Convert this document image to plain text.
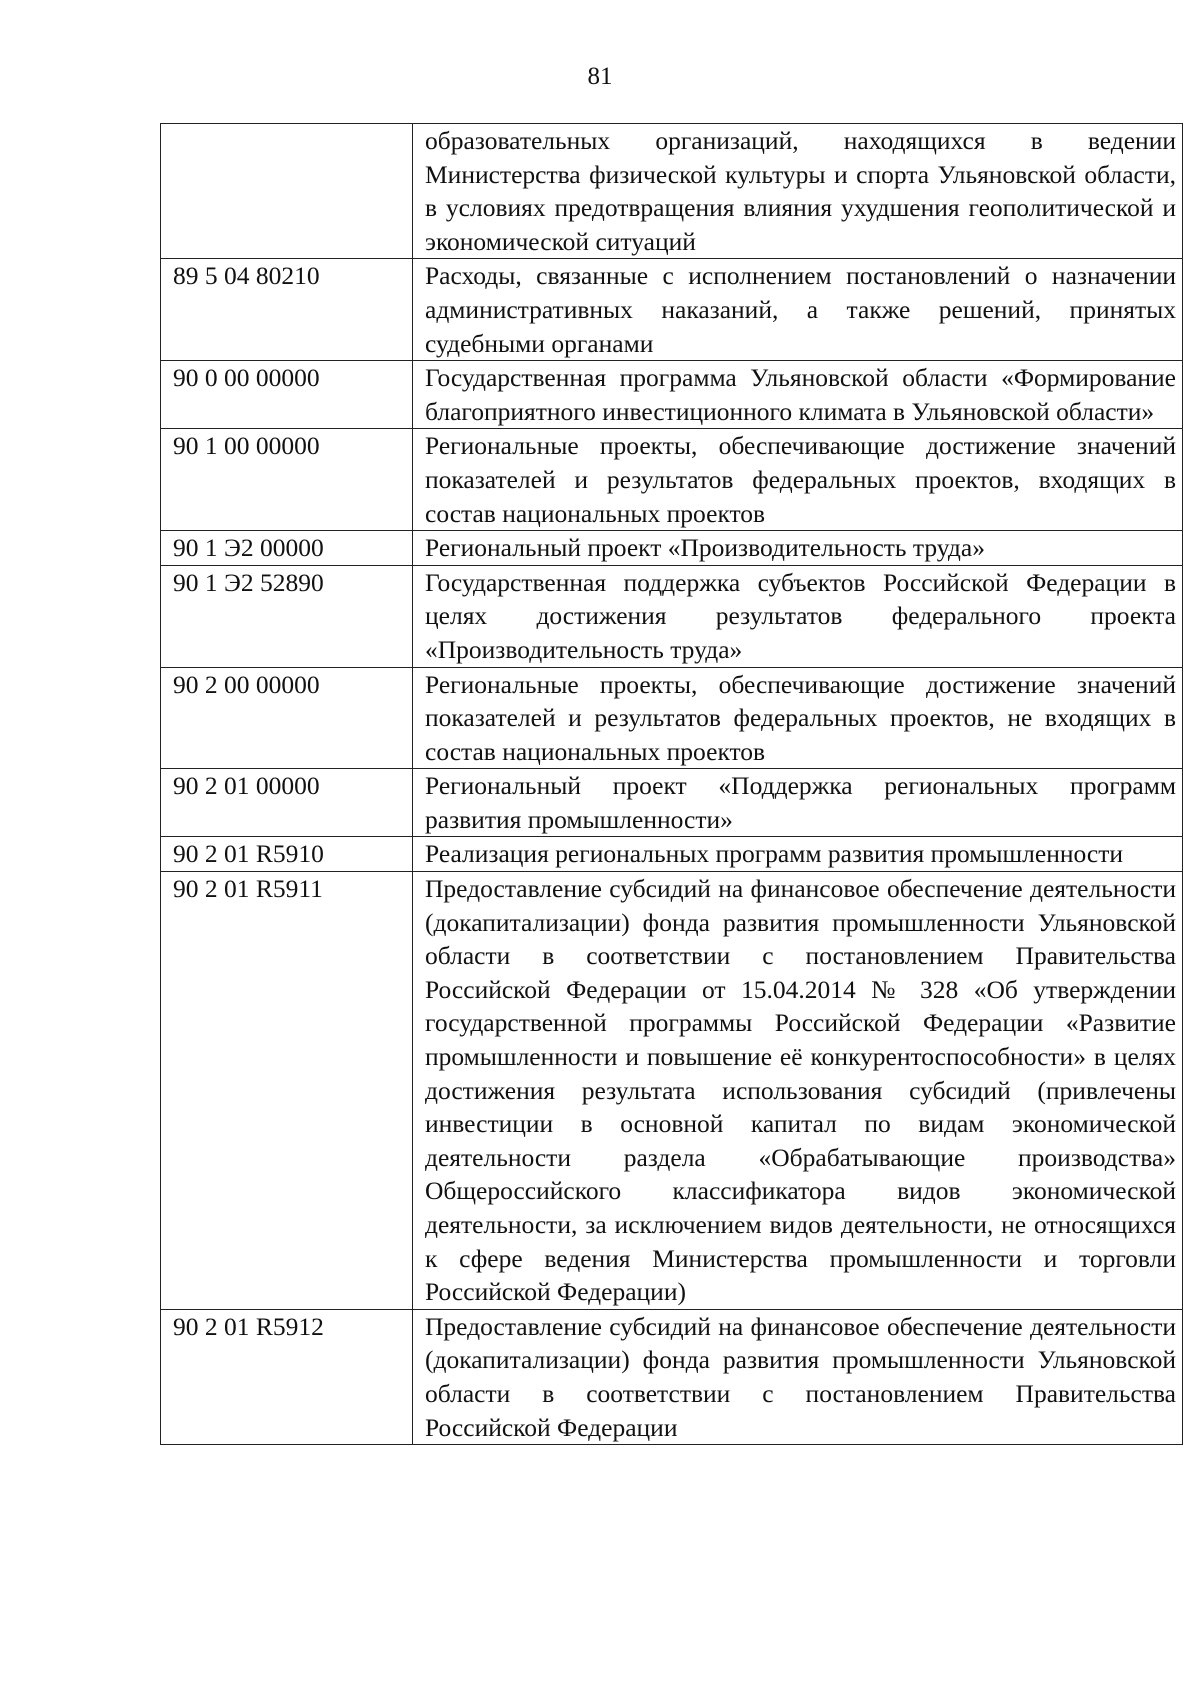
81
	образовательных организаций, находящихся в ведении Министерства физической культуры и спорта Ульяновской области, в условиях предотвращения влияния ухудшения геополитической и экономической ситуаций
89 5 04 80210	Расходы, связанные с исполнением постановлений о назначении административных наказаний, а также решений, принятых судебными органами
90 0 00 00000	Государственная программа Ульяновской области «Формирование благоприятного инвестиционного климата в Ульяновской области»
90 1 00 00000	Региональные проекты, обеспечивающие достижение значений показателей и результатов федеральных проектов, входящих в состав национальных проектов
90 1 Э2 00000	Региональный проект «Производительность труда»
90 1 Э2 52890	Государственная поддержка субъектов Российской Федерации в целях достижения результатов федерального проекта «Производительность труда»
90 2 00 00000	Региональные проекты, обеспечивающие достижение значений показателей и результатов федеральных проектов, не входящих в состав национальных проектов
90 2 01 00000	Региональный проект «Поддержка региональных программ развития промышленности»
90 2 01 R5910	Реализация региональных программ развития промышленности
90 2 01 R5911	Предоставление субсидий на финансовое обеспечение деятельности (докапитализации) фонда развития промышленности Ульяновской области в соответствии с постановлением Правительства Российской Федерации от 15.04.2014 № 328 «Об утверждении государственной программы Российской Федерации «Развитие промышленности и повышение её конкурентоспособности» в целях достижения результата использования субсидий (привлечены инвестиции в основной капитал по видам экономической деятельности раздела «Обрабатывающие производства» Общероссийского классификатора видов экономической деятельности, за исключением видов деятельности, не относящихся к сфере ведения Министерства промышленности и торговли Российской Федерации)
90 2 01 R5912	Предоставление субсидий на финансовое обеспечение деятельности (докапитализации) фонда развития промышленности Ульяновской области в соответствии с постановлением Правительства Российской Федерации
